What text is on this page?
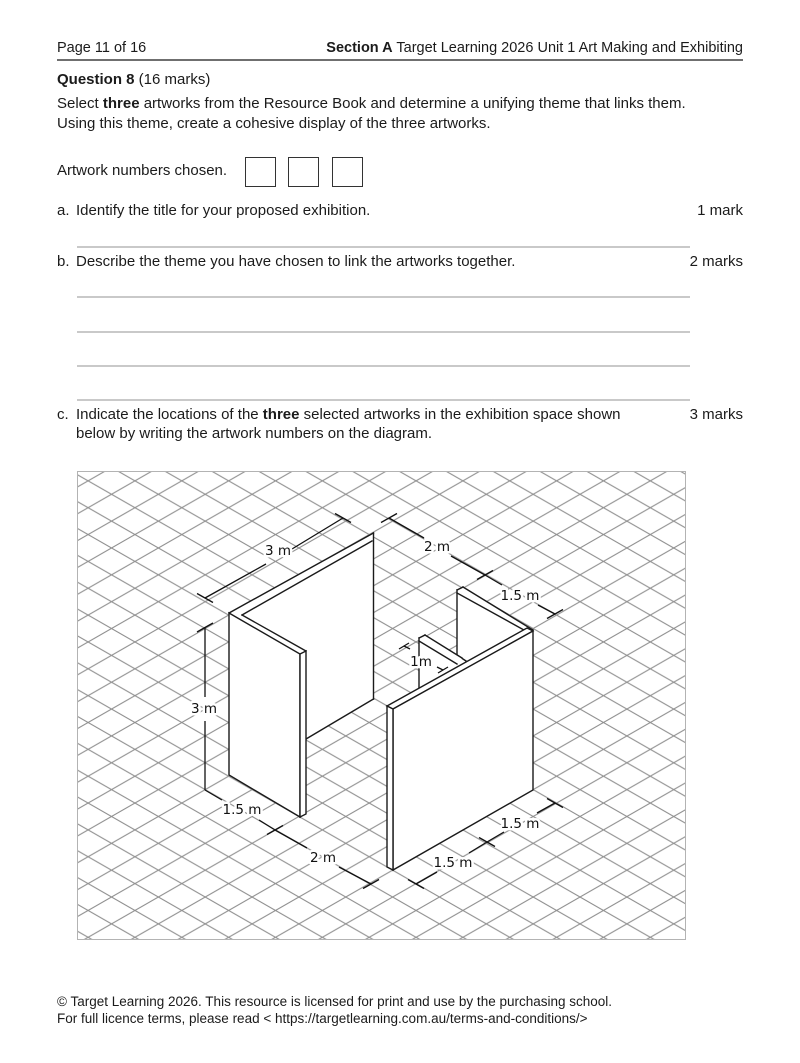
Page 11 of 16	Section A Target Learning 2026 Unit 1 Art Making and Exhibiting
Question 8 (16 marks)
Select three artworks from the Resource Book and determine a unifying theme that links them.
Using this theme, create a cohesive display of the three artworks.
Artwork numbers chosen.
a. Identify the title for your proposed exhibition.	1 mark
b. Describe the theme you have chosen to link the artworks together.	2 marks
c. Indicate the locations of the three selected artworks in the exhibition space shown
below by writing the artwork numbers on the diagram.
3 marks
3 m	2 m
1.5 m
1m
3 m
1.5 m
2 m	1.5 m
1.5 m
© Target Learning 2026. This resource is licensed for print and use by the purchasing school.
For full licence terms, please read < https://targetlearning.com.au/terms-and-conditions/>
